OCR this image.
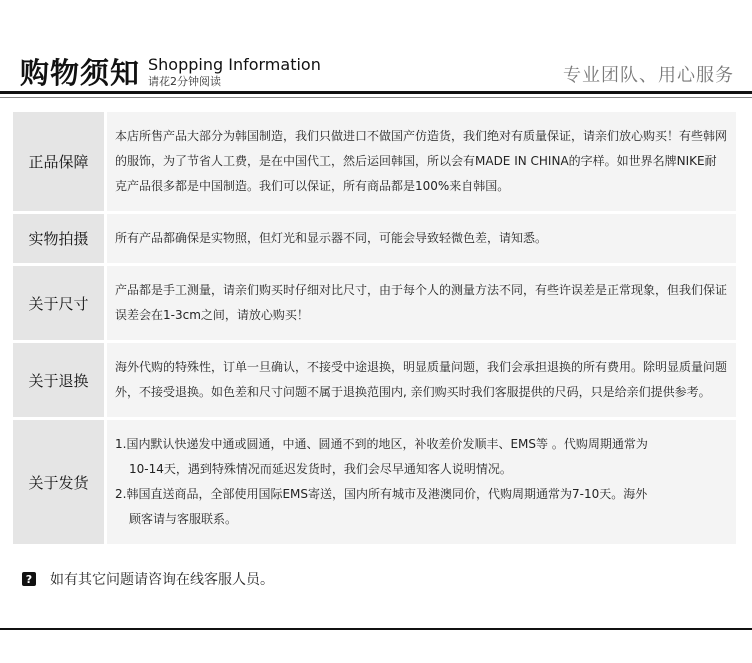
购物须知 Shopping Information
请花2分钟阅读	专业团队、用心服务
正品保障

本店所售产品大部分为韩国制造，我们只做进口不做国产仿造货，我们绝对有质量保证，请亲们放心购买！有些韩网的服饰，为了节省人工费，是在中国代工，然后运回韩国，所以会有MADE IN CHINA的字样。如世界名牌NIKE耐克产品很多都是中国制造。我们可以保证，所有商品都是100%来自韩国。

实物拍摄	所有产品都确保是实物照，但灯光和显示器不同，可能会导致轻微色差，请知悉。

关于尺寸

产品都是手工测量，请亲们购买时仔细对比尺寸，由于每个人的测量方法不同，有些许误差是正常现象，但我们保证误差会在1-3cm之间，请放心购买！

关于退换

海外代购的特殊性，订单一旦确认，不接受中途退换，明显质量问题，我们会承担退换的所有费用。除明显质量问题外，不接受退换。如色差和尺寸问题不属于退换范围内, 亲们购买时我们客服提供的尺码，只是给亲们提供参考。

关于发货

1.国内默认快递发中通或圆通，中通、圆通不到的地区，补收差价发顺丰、EMS等 。代购周期通常为

10-14天，遇到特殊情况而延迟发货时，我们会尽早通知客人说明情况。

2.韩国直送商品，全部使用国际EMS寄送，国内所有城市及港澳同价，代购周期通常为7-10天。海外

顾客请与客服联系。

? 如有其它问题请咨询在线客服人员。
